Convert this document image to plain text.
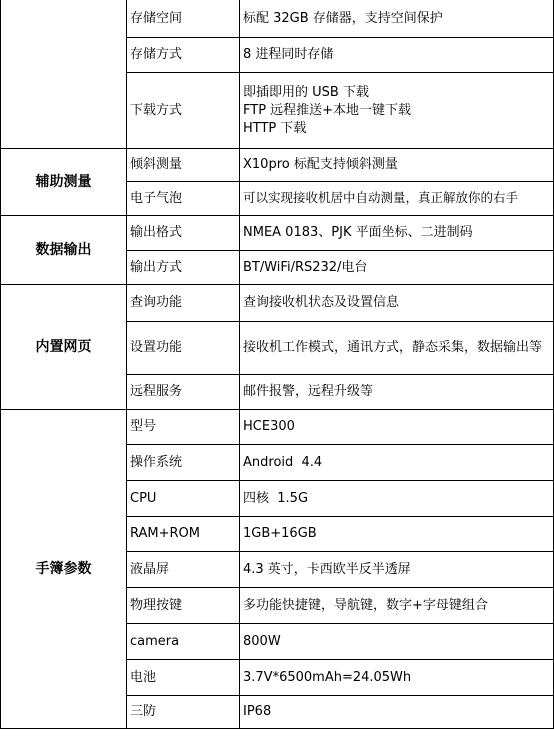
	存储空间	标配 32GB 存储器，支持空间保护
	存储方式	8 进程同时存储
	下载方式	即插即用的 USB 下载
FTP 远程推送+本地一键下载
HTTP 下载

辅助测量	倾斜测量	X10pro 标配支持倾斜测量
	电子气泡	可以实现接收机居中自动测量，真正解放你的右手
数据输出	输出格式	NMEA 0183、PJK 平面坐标、二进制码
	输出方式	BT/WiFi/RS232/电台
内置网页	查询功能	查询接收机状态及设置信息
	设置功能	接收机工作模式，通讯方式，静态采集，数据输出等
	远程服务	邮件报警，远程升级等
手簿参数	型号	HCE300
	操作系统	Android  4.4
	CPU	四核  1.5G
	RAM+ROM	1GB+16GB
	液晶屏	4.3 英寸，卡西欧半反半透屏
	物理按键	多功能快捷键，导航键，数字+字母键组合
	camera	800W
	电池	3.7V*6500mAh=24.05Wh
	三防	IP68
